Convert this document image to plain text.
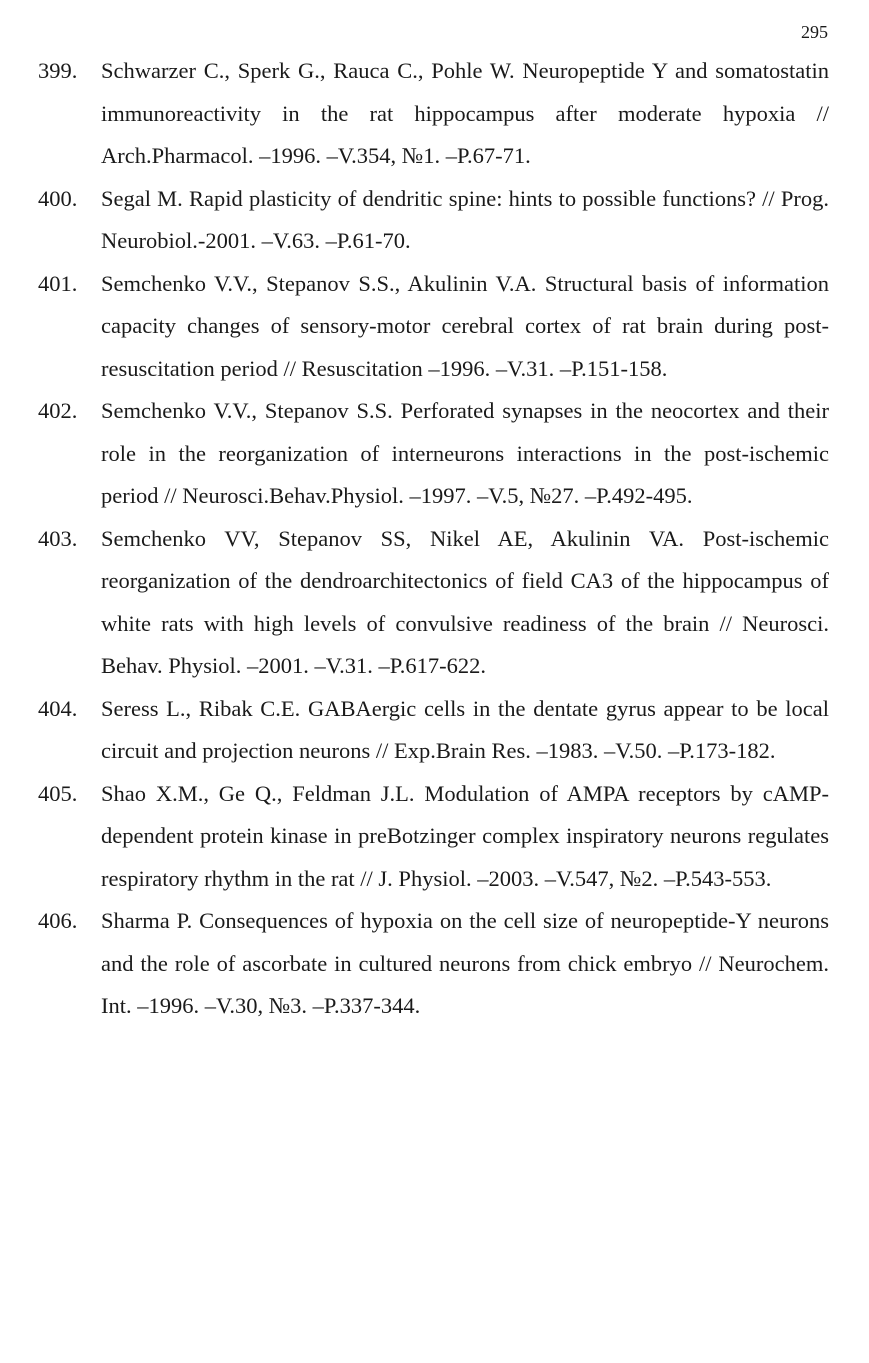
295
399. Schwarzer C., Sperk G., Rauca C., Pohle W. Neuropeptide Y and somatostatin immunoreactivity in the rat hippocampus after moderate hypoxia // Arch.Pharmacol. –1996. –V.354, №1. –P.67-71.
400. Segal M. Rapid plasticity of dendritic spine: hints to possible functions? // Prog. Neurobiol.-2001. –V.63. –P.61-70.
401. Semchenko V.V., Stepanov S.S., Akulinin V.A. Structural basis of information capacity changes of sensory-motor cerebral cortex of rat brain during post-resuscitation period // Resuscitation –1996. –V.31. –P.151-158.
402. Semchenko V.V., Stepanov S.S. Perforated synapses in the neocortex and their role in the reorganization of interneurons interactions in the post-ischemic period // Neurosci.Behav.Physiol. –1997. –V.5, №27. –P.492-495.
403. Semchenko VV, Stepanov SS, Nikel AE, Akulinin VA. Post-ischemic reorganization of the dendroarchitectonics of field CA3 of the hippocampus of white rats with high levels of convulsive readiness of the brain // Neurosci. Behav. Physiol. –2001. –V.31. –P.617-622.
404. Seress L., Ribak C.E. GABAergic cells in the dentate gyrus appear to be local circuit and projection neurons // Exp.Brain Res. –1983. –V.50. –P.173-182.
405. Shao X.M., Ge Q., Feldman J.L. Modulation of AMPA receptors by cAMP-dependent protein kinase in preBotzinger complex inspiratory neurons regulates respiratory rhythm in the rat // J. Physiol. –2003. –V.547, №2. –P.543-553.
406. Sharma P. Consequences of hypoxia on the cell size of neuropeptide-Y neurons and the role of ascorbate in cultured neurons from chick embryo // Neurochem. Int. –1996. –V.30, №3. –P.337-344.
